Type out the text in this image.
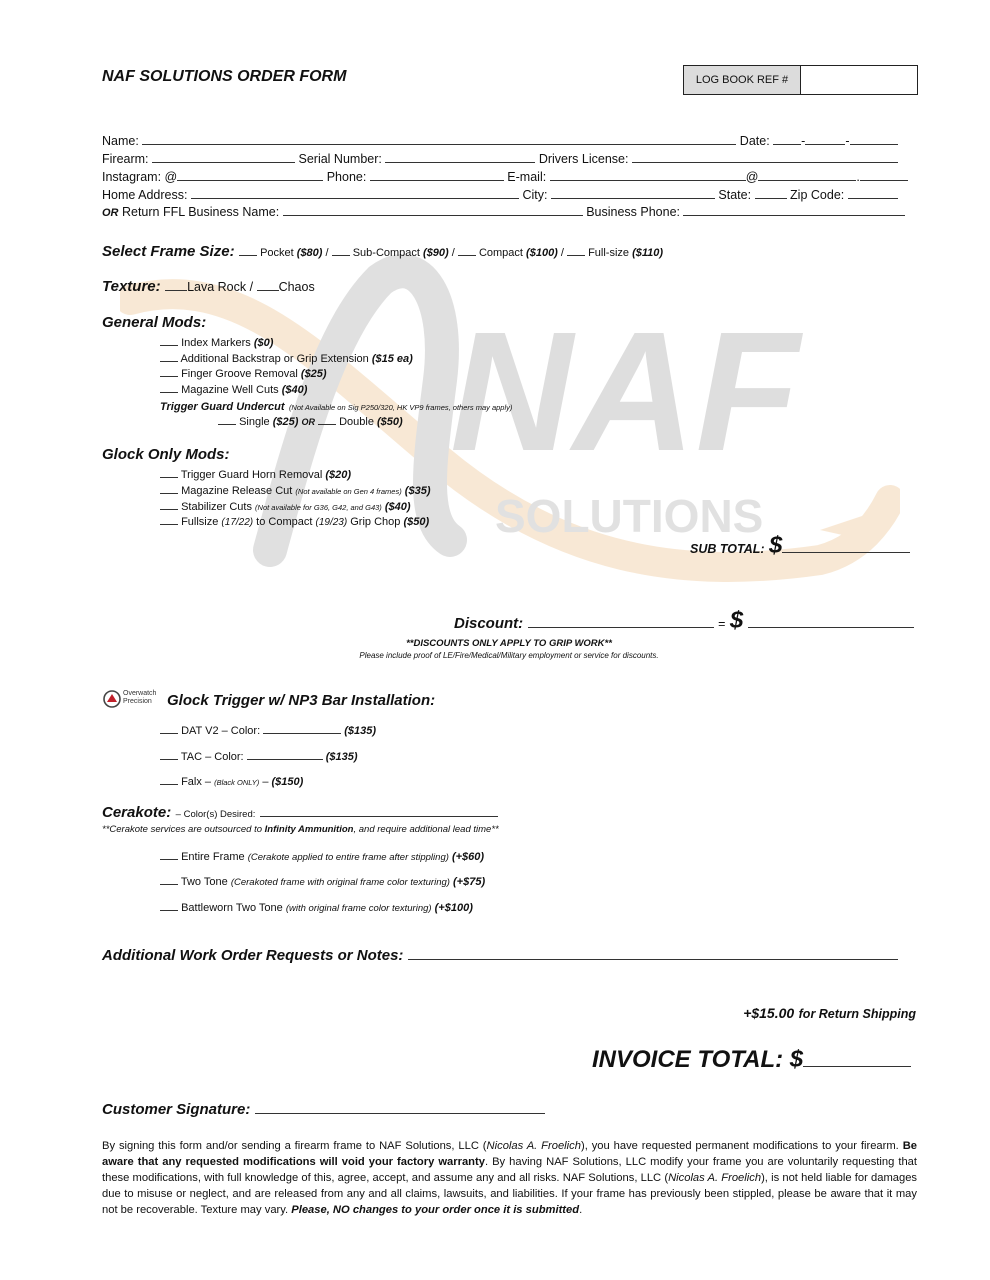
NAF
SOLUTIONS
NAF SOLUTIONS ORDER FORM	LOG BOOK REF #
Name:	Date:	-	-
Firearm:	Serial Number:	Drivers License:
Instagram: @	Phone:	E-mail:	@	.
Home Address:	City:	State:	Zip Code:
OR Return FFL Business Name:	Business Phone:
Select Frame Size: Pocket ($80) /  Sub-Compact ($90) /  Compact ($100) /  Full-size ($110)
Texture: Lava Rock / Chaos
General Mods:
Index Markers ($0)
Additional Backstrap or Grip Extension ($15 ea)
Finger Groove Removal ($25)
Magazine Well Cuts ($40)
Trigger Guard Undercut (Not Available on Sig P250/320, HK VP9 frames, others may apply)
Single ($25) OR Double ($50)
Glock Only Mods:
Trigger Guard Horn Removal ($20)
Magazine Release Cut (Not available on Gen 4 frames) ($35)
Stabilizer Cuts (Not available for G36, G42, and G43) ($40)
Fullsize (17/22) to Compact (19/23) Grip Chop ($50)
SUB TOTAL: $
Discount:	= $
**DISCOUNTS ONLY APPLY TO GRIP WORK**
Please include proof of LE/Fire/Medical/Military employment or service for discounts.
Overwatch
Precision	Glock Trigger w/ NP3 Bar Installation:
DAT V2 – Color:	($135)
TAC – Color:	($135)
Falx – (Black ONLY) – ($150)
Cerakote: – Color(s) Desired:
**Cerakote services are outsourced to Infinity Ammunition, and require additional lead time**
Entire Frame (Cerakote applied to entire frame after stippling) (+$60)
Two Tone (Cerakoted frame with original frame color texturing) (+$75)
Battleworn Two Tone (with original frame color texturing) (+$100)
Additional Work Order Requests or Notes:
+$15.00 for Return Shipping
INVOICE TOTAL: $
Customer Signature:
By signing this form and/or sending a firearm frame to NAF Solutions, LLC (Nicolas A. Froelich), you have requested permanent modifications to your firearm. Be aware that any requested modifications will void your factory warranty. By having NAF Solutions, LLC modify your frame you are voluntarily requesting that these modifications, with full knowledge of this, agree, accept, and assume any and all risks. NAF Solutions, LLC (Nicolas A. Froelich), is not held liable for damages due to misuse or neglect, and are released from any and all claims, lawsuits, and liabilities. If your frame has previously been stippled, please be aware that it may not be recoverable. Texture may vary. Please, NO changes to your order once it is submitted.
